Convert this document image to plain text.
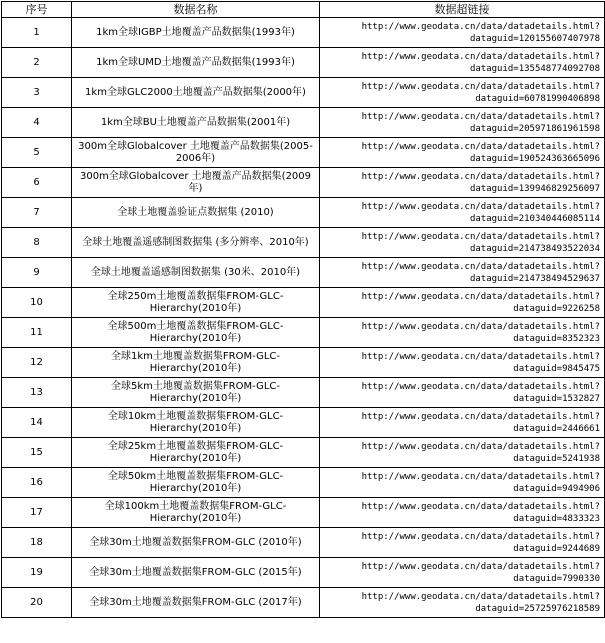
序号	数据名称	数据超链接
1	1km全球IGBP土地覆盖产品数据集(1993年)	http://www.geodata.cn/data/datadetails.html?
dataguid=120155607407978

2	1km全球UMD土地覆盖产品数据集(1993年)	http://www.geodata.cn/data/datadetails.html?
dataguid=135548774092708

3	1km全球GLC2000土地覆盖产品数据集(2000年)	http://www.geodata.cn/data/datadetails.html?
dataguid=60781990406898

4	1km全球BU土地覆盖产品数据集(2001年)	http://www.geodata.cn/data/datadetails.html?
dataguid=205971861961598

5	300m全球Globalcover 土地覆盖产品数据集(2005-2006年)	http://www.geodata.cn/data/datadetails.html?
dataguid=190524363665096

6	300m全球Globalcover 土地覆盖产品数据集(2009年)	http://www.geodata.cn/data/datadetails.html?
dataguid=139946829256097

7	全球土地覆盖验证点数据集 (2010)	http://www.geodata.cn/data/datadetails.html?
dataguid=210340446085114

8	全球土地覆盖遥感制图数据集 (多分辨率、2010年)	http://www.geodata.cn/data/datadetails.html?
dataguid=214738493522034

9	全球土地覆盖遥感制图数据集 (30米、2010年)	http://www.geodata.cn/data/datadetails.html?
dataguid=214738494529637

10	全球250m土地覆盖数据集FROM-GLC-Hierarchy(2010年)	http://www.geodata.cn/data/datadetails.html?
dataguid=9226258

11	全球500m土地覆盖数据集FROM-GLC-Hierarchy(2010年)	http://www.geodata.cn/data/datadetails.html?
dataguid=8352323

12	全球1km土地覆盖数据集FROM-GLC-Hierarchy(2010年)	http://www.geodata.cn/data/datadetails.html?
dataguid=9845475

13	全球5km土地覆盖数据集FROM-GLC-Hierarchy(2010年)	http://www.geodata.cn/data/datadetails.html?
dataguid=1532827

14	全球10km土地覆盖数据集FROM-GLC-Hierarchy(2010年)	http://www.geodata.cn/data/datadetails.html?
dataguid=2446661

15	全球25km土地覆盖数据集FROM-GLC-Hierarchy(2010年)	http://www.geodata.cn/data/datadetails.html?
dataguid=5241938

16	全球50km土地覆盖数据集FROM-GLC-Hierarchy(2010年)	http://www.geodata.cn/data/datadetails.html?
dataguid=9494906

17	全球100km土地覆盖数据集FROM-GLC-Hierarchy(2010年)	http://www.geodata.cn/data/datadetails.html?
dataguid=4833323

18	全球30m土地覆盖数据集FROM-GLC (2010年)	http://www.geodata.cn/data/datadetails.html?
dataguid=9244689

19	全球30m土地覆盖数据集FROM-GLC (2015年)	http://www.geodata.cn/data/datadetails.html?
dataguid=7990330

20	全球30m土地覆盖数据集FROM-GLC (2017年)	http://www.geodata.cn/data/datadetails.html?
dataguid=25725976218589
